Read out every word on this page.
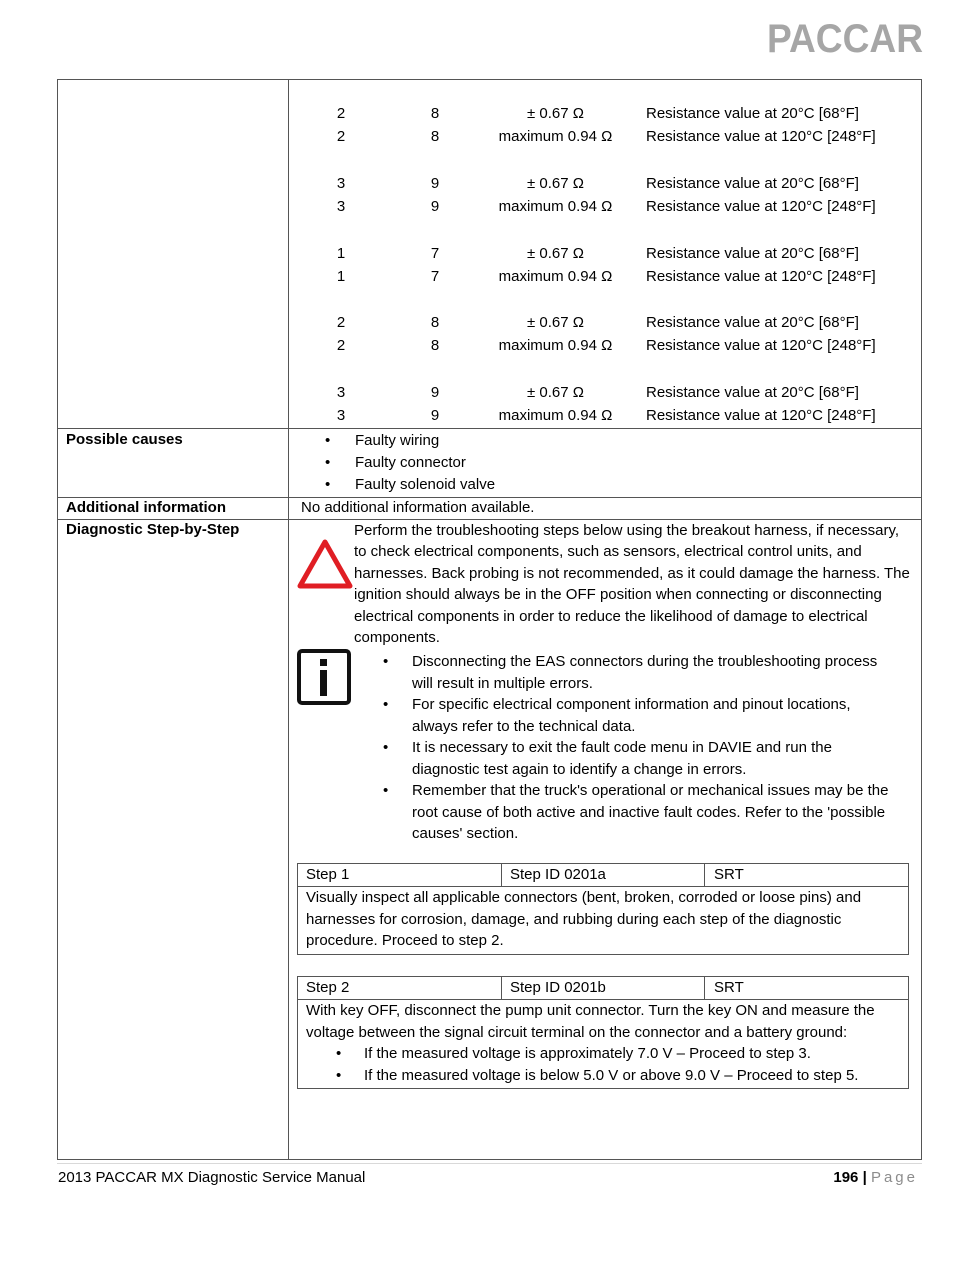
PACCAR
2	8	± 0.67 Ω	Resistance value at 20°C [68°F]
2	8	maximum 0.94 Ω	Resistance value at 120°C [248°F]
3	9	± 0.67 Ω	Resistance value at 20°C [68°F]
3	9	maximum 0.94 Ω	Resistance value at 120°C [248°F]
1	7	± 0.67 Ω	Resistance value at 20°C [68°F]
1	7	maximum 0.94 Ω	Resistance value at 120°C [248°F]
2	8	± 0.67 Ω	Resistance value at 20°C [68°F]
2	8	maximum 0.94 Ω	Resistance value at 120°C [248°F]
3	9	± 0.67 Ω	Resistance value at 20°C [68°F]
3	9	maximum 0.94 Ω	Resistance value at 120°C [248°F]
Possible causes
•	Faulty wiring
• Faulty connector
• Faulty solenoid valve
Additional information	No additional information available.
Diagnostic Step-by-Step	Perform the troubleshooting steps below using the breakout harness, if necessary, to check electrical components, such as sensors, electrical control units, and harnesses. Back probing is not recommended, as it could damage the harness. The ignition should always be in the OFF position when connecting or disconnecting electrical components in order to reduce the likelihood of damage to electrical components.
• Disconnecting the EAS connectors during the troubleshooting process will result in multiple errors.
• For specific electrical component information and pinout locations, always refer to the technical data.
• It is necessary to exit the fault code menu in DAVIE and run the diagnostic test again to identify a change in errors.
• Remember that the truck's operational or mechanical issues may be the root cause of both active and inactive fault codes. Refer to the 'possible causes' section.
Step 1	Step ID 0201a	SRT
Visually inspect all applicable connectors (bent, broken, corroded or loose pins) and harnesses for corrosion, damage, and rubbing during each step of the diagnostic procedure. Proceed to step 2.
Step 2	Step ID 0201b	SRT
With key OFF, disconnect the pump unit connector. Turn the key ON and measure the voltage between the signal circuit terminal on the connector and a battery ground:
• If the measured voltage is approximately 7.0 V – Proceed to step 3.
• If the measured voltage is below 5.0 V or above 9.0 V – Proceed to step 5.
2013 PACCAR MX Diagnostic Service Manual	196 | Page
